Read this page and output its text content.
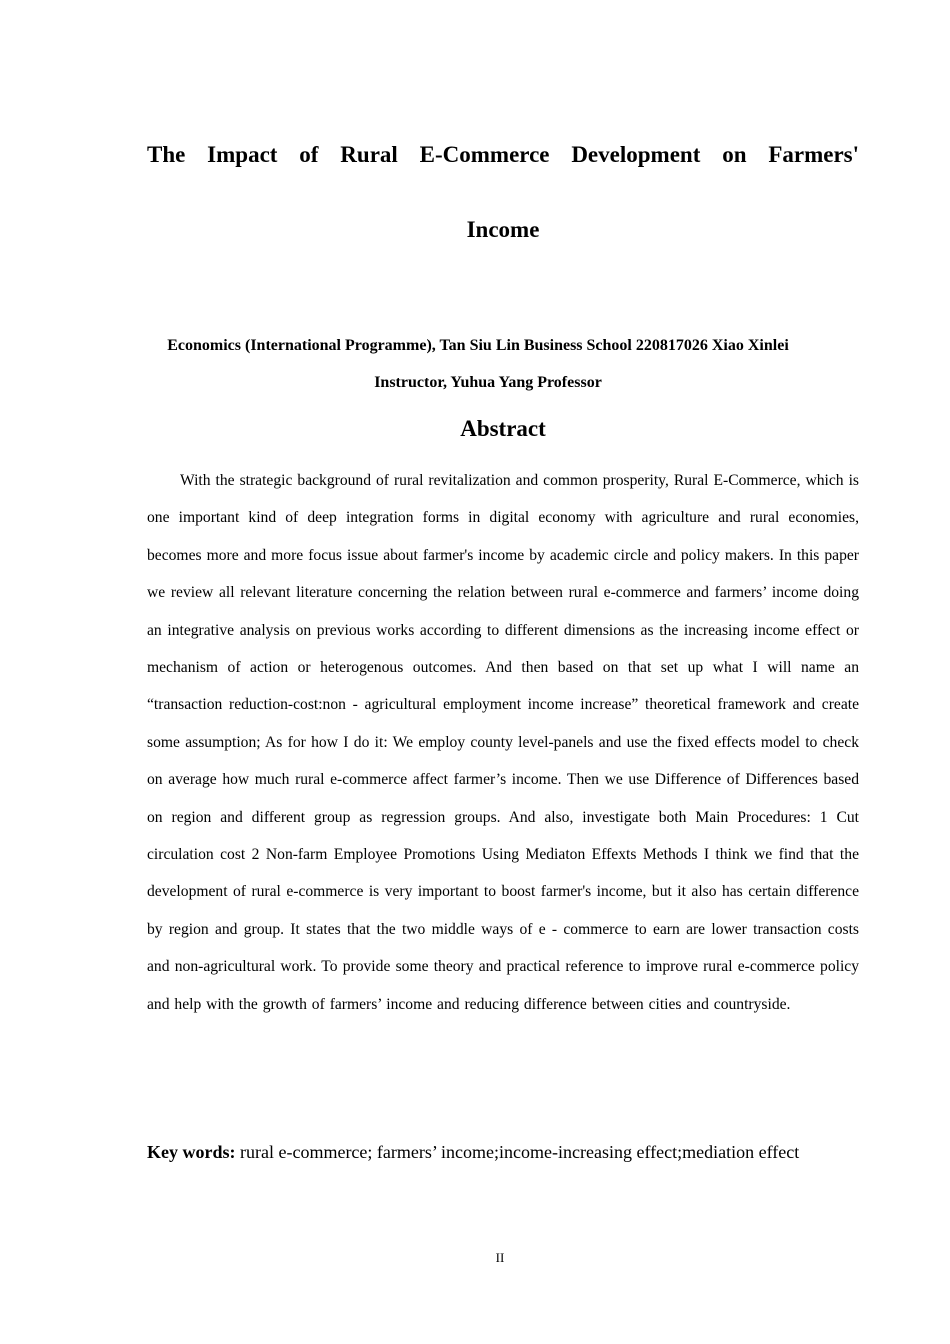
The Impact of Rural E-Commerce Development on Farmers'
Income

Economics (International Programme), Tan Siu Lin Business School 220817026 Xiao Xinlei

Instructor, Yuhua Yang Professor

Abstract

With the strategic background of rural revitalization and common prosperity, Rural E-Commerce, which is one important kind of deep integration forms in digital economy with agriculture and rural economies, becomes more and more focus issue about farmer's income by academic circle and policy makers. In this paper we review all relevant literature concerning the relation between rural e-commerce and farmers’ income doing an integrative analysis on previous works according to different dimensions as the increasing income effect or mechanism of action or heterogenous outcomes. And then based on that set up what I will name an “transaction reduction-cost:non - agricultural employment income increase” theoretical framework and create some assumption; As for how I do it: We employ county level-panels and use the fixed effects model to check on average how much rural e-commerce affect farmer’s income. Then we use Difference of Differences based on region and different group as regression groups. And also, investigate both Main Procedures: 1 Cut circulation cost 2 Non-farm Employee Promotions Using Mediaton Effexts Methods I think we find that the development of rural e-commerce is very important to boost farmer's income, but it also has certain difference by region and group. It states that the two middle ways of e - commerce to earn are lower transaction costs and non-agricultural work. To provide some theory and practical reference to improve rural e-commerce policy and help with the growth of farmers’ income and reducing difference between cities and countryside.

Key words: rural e-commerce; farmers’ income;income-increasing effect;mediation effect

II
